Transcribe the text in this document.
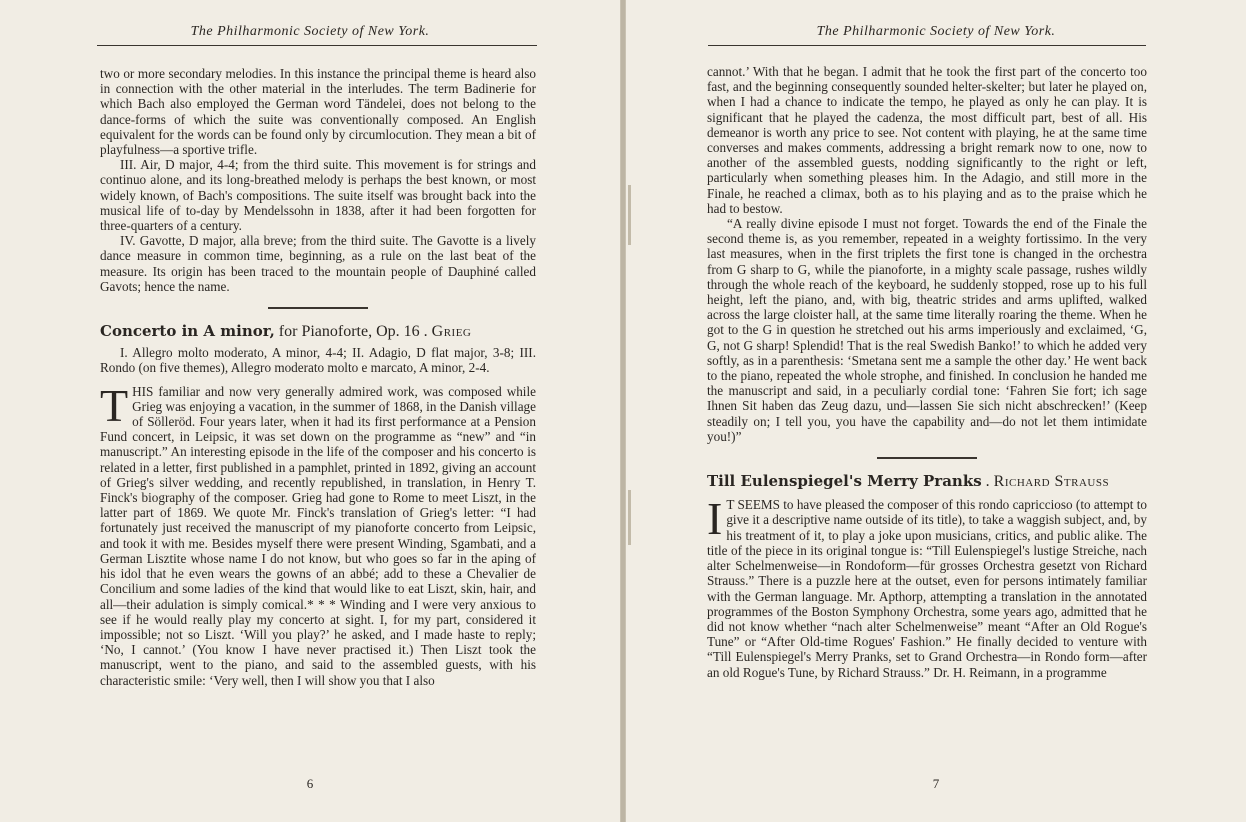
The Philharmonic Society of New York.

two or more secondary melodies. In this instance the principal theme is heard also in connection with the other material in the interludes. The term Badinerie for which Bach also employed the German word Tändelei, does not belong to the dance-forms of which the suite was conventionally composed. An English equivalent for the words can be found only by circumlocution. They mean a bit of playfulness—a sportive trifle.

III. Air, D major, 4-4; from the third suite. This movement is for strings and continuo alone, and its long-breathed melody is perhaps the best known, or most widely known, of Bach's compositions. The suite itself was brought back into the musical life of to-day by Mendelssohn in 1838, after it had been forgotten for three-quarters of a century.

IV. Gavotte, D major, alla breve; from the third suite. The Gavotte is a lively dance measure in common time, beginning, as a rule on the last beat of the measure. Its origin has been traced to the mountain people of Dauphiné called Gavots; hence the name.

Concerto in A minor, for Pianoforte, Op. 16 . Grieg

I. Allegro molto moderato, A minor, 4-4; II. Adagio, D flat major, 3-8; III. Rondo (on five themes), Allegro moderato molto e marcato, A minor, 2-4.

T HIS familiar and now very generally admired work, was composed while Grieg was enjoying a vacation, in the summer of 1868, in the Danish village of Sölleröd. Four years later, when it had its first performance at a Pension Fund concert, in Leipsic, it was set down on the programme as “new” and “in manuscript.” An interesting episode in the life of the composer and his concerto is related in a letter, first published in a pamphlet, printed in 1892, giving an account of Grieg's silver wedding, and recently republished, in translation, in Henry T. Finck's biography of the composer. Grieg had gone to Rome to meet Liszt, in the latter part of 1869. We quote Mr. Finck's translation of Grieg's letter: “I had fortunately just received the manuscript of my pianoforte concerto from Leipsic, and took it with me. Besides myself there were present Winding, Sgambati, and a German Lisztite whose name I do not know, but who goes so far in the aping of his idol that he even wears the gowns of an abbé; add to these a Chevalier de Concilium and some ladies of the kind that would like to eat Liszt, skin, hair, and all—their adulation is simply comical.* * * Winding and I were very anxious to see if he would really play my concerto at sight. I, for my part, considered it impossible; not so Liszt. ‘Will you play?’ he asked, and I made haste to reply; ‘No, I cannot.’ (You know I have never practised it.) Then Liszt took the manuscript, went to the piano, and said to the assembled guests, with his characteristic smile: ‘Very well, then I will show you that I also
6
The Philharmonic Society of New York.

cannot.’ With that he began. I admit that he took the first part of the concerto too fast, and the beginning consequently sounded helter-skelter; but later he played on, when I had a chance to indicate the tempo, he played as only he can play. It is significant that he played the cadenza, the most difficult part, best of all. His demeanor is worth any price to see. Not content with playing, he at the same time converses and makes comments, addressing a bright remark now to one, now to another of the assembled guests, nodding significantly to the right or left, particularly when something pleases him. In the Adagio, and still more in the Finale, he reached a climax, both as to his playing and as to the praise which he had to bestow.

“A really divine episode I must not forget. Towards the end of the Finale the second theme is, as you remember, repeated in a weighty fortissimo. In the very last measures, when in the first triplets the first tone is changed in the orchestra from G sharp to G, while the pianoforte, in a mighty scale passage, rushes wildly through the whole reach of the keyboard, he suddenly stopped, rose up to his full height, left the piano, and, with big, theatric strides and arms uplifted, walked across the large cloister hall, at the same time literally roaring the theme. When he got to the G in question he stretched out his arms imperiously and exclaimed, ‘G, G, not G sharp! Splendid! That is the real Swedish Banko!’ to which he added very softly, as in a parenthesis: ‘Smetana sent me a sample the other day.’ He went back to the piano, repeated the whole strophe, and finished. In conclusion he handed me the manuscript and said, in a peculiarly cordial tone: ‘Fahren Sie fort; ich sage Ihnen Sit haben das Zeug dazu, und—lassen Sie sich nicht abschrecken!’ (Keep steadily on; I tell you, you have the capability and—do not let them intimidate you!)”

Till Eulenspiegel's Merry Pranks . Richard Strauss
I T SEEMS to have pleased the composer of this rondo capriccioso (to attempt to give it a descriptive name outside of its title), to take a waggish subject, and, by his treatment of it, to play a joke upon musicians, critics, and public alike. The title of the piece in its original tongue is: “Till Eulenspiegel's lustige Streiche, nach alter Schelmenweise—in Rondoform—für grosses Orchestra gesetzt von Richard Strauss.” There is a puzzle here at the outset, even for persons intimately familiar with the German language. Mr. Apthorp, attempting a translation in the annotated programmes of the Boston Symphony Orchestra, some years ago, admitted that he did not know whether “nach alter Schelmenweise” meant “After an Old Rogue's Tune” or “After Old-time Rogues' Fashion.” He finally decided to venture with “Till Eulenspiegel's Merry Pranks, set to Grand Orchestra—in Rondo form—after an old Rogue's Tune, by Richard Strauss.” Dr. H. Reimann, in a programme
7
